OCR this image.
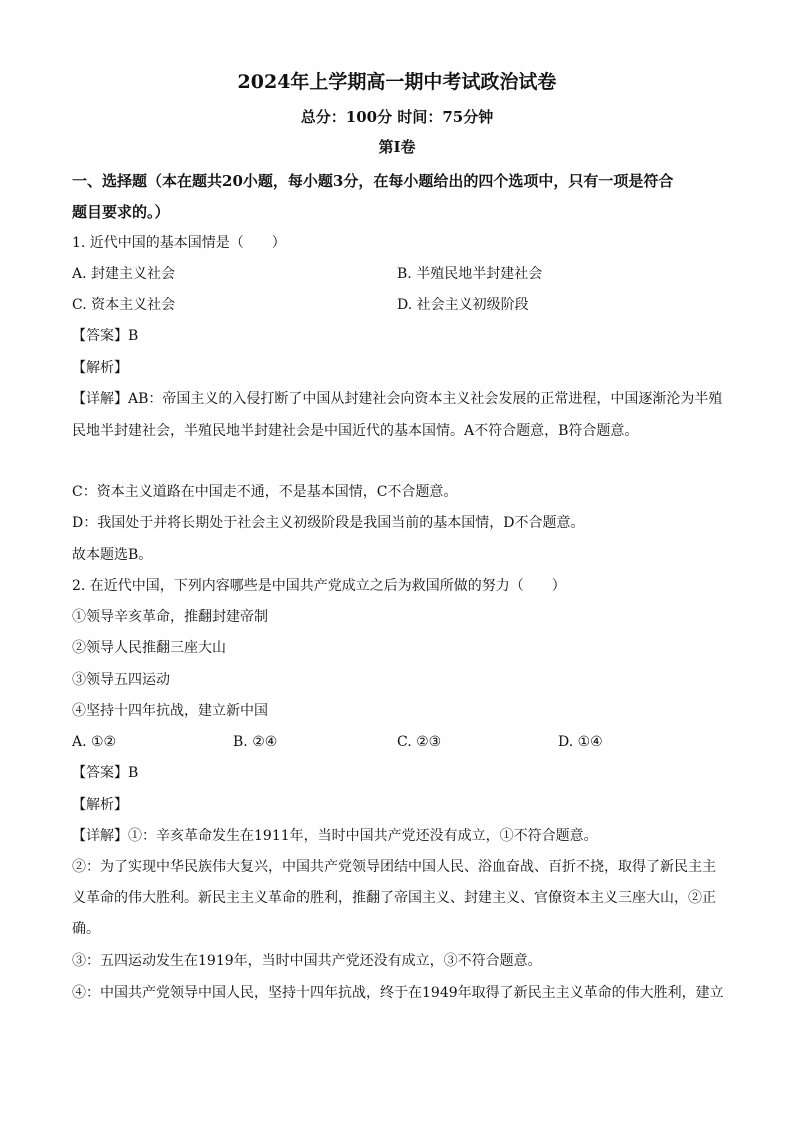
2024年上学期高一期中考试政治试卷
总分：100分 时间：75分钟
第Ⅰ卷
一、选择题（本在题共20小题，每小题3分，在每小题给出的四个选项中，只有一项是符合
题目要求的。）
1. 近代中国的基本国情是（　　）
A. 封建主义社会	B. 半殖民地半封建社会
C. 资本主义社会	D. 社会主义初级阶段
【答案】B
【解析】
【详解】AB：帝国主义的入侵打断了中国从封建社会向资本主义社会发展的正常进程，中国逐渐沦为半殖
民地半封建社会，半殖民地半封建社会是中国近代的基本国情。A不符合题意，B符合题意。
C：资本主义道路在中国走不通，不是基本国情，C不合题意。
D：我国处于并将长期处于社会主义初级阶段是我国当前的基本国情，D不合题意。
故本题选B。
2. 在近代中国，下列内容哪些是中国共产党成立之后为救国所做的努力（　　）
①领导辛亥革命，推翻封建帝制
②领导人民推翻三座大山
③领导五四运动
④坚持十四年抗战，建立新中国
A. ①②	B. ②④	C. ②③	D. ①④
【答案】B
【解析】
【详解】①：辛亥革命发生在1911年，当时中国共产党还没有成立，①不符合题意。
②：为了实现中华民族伟大复兴，中国共产党领导团结中国人民、浴血奋战、百折不挠，取得了新民主主
义革命的伟大胜利。新民主主义革命的胜利，推翻了帝国主义、封建主义、官僚资本主义三座大山，②正
确。
③：五四运动发生在1919年，当时中国共产党还没有成立，③不符合题意。
④：中国共产党领导中国人民，坚持十四年抗战，终于在1949年取得了新民主主义革命的伟大胜利，建立
